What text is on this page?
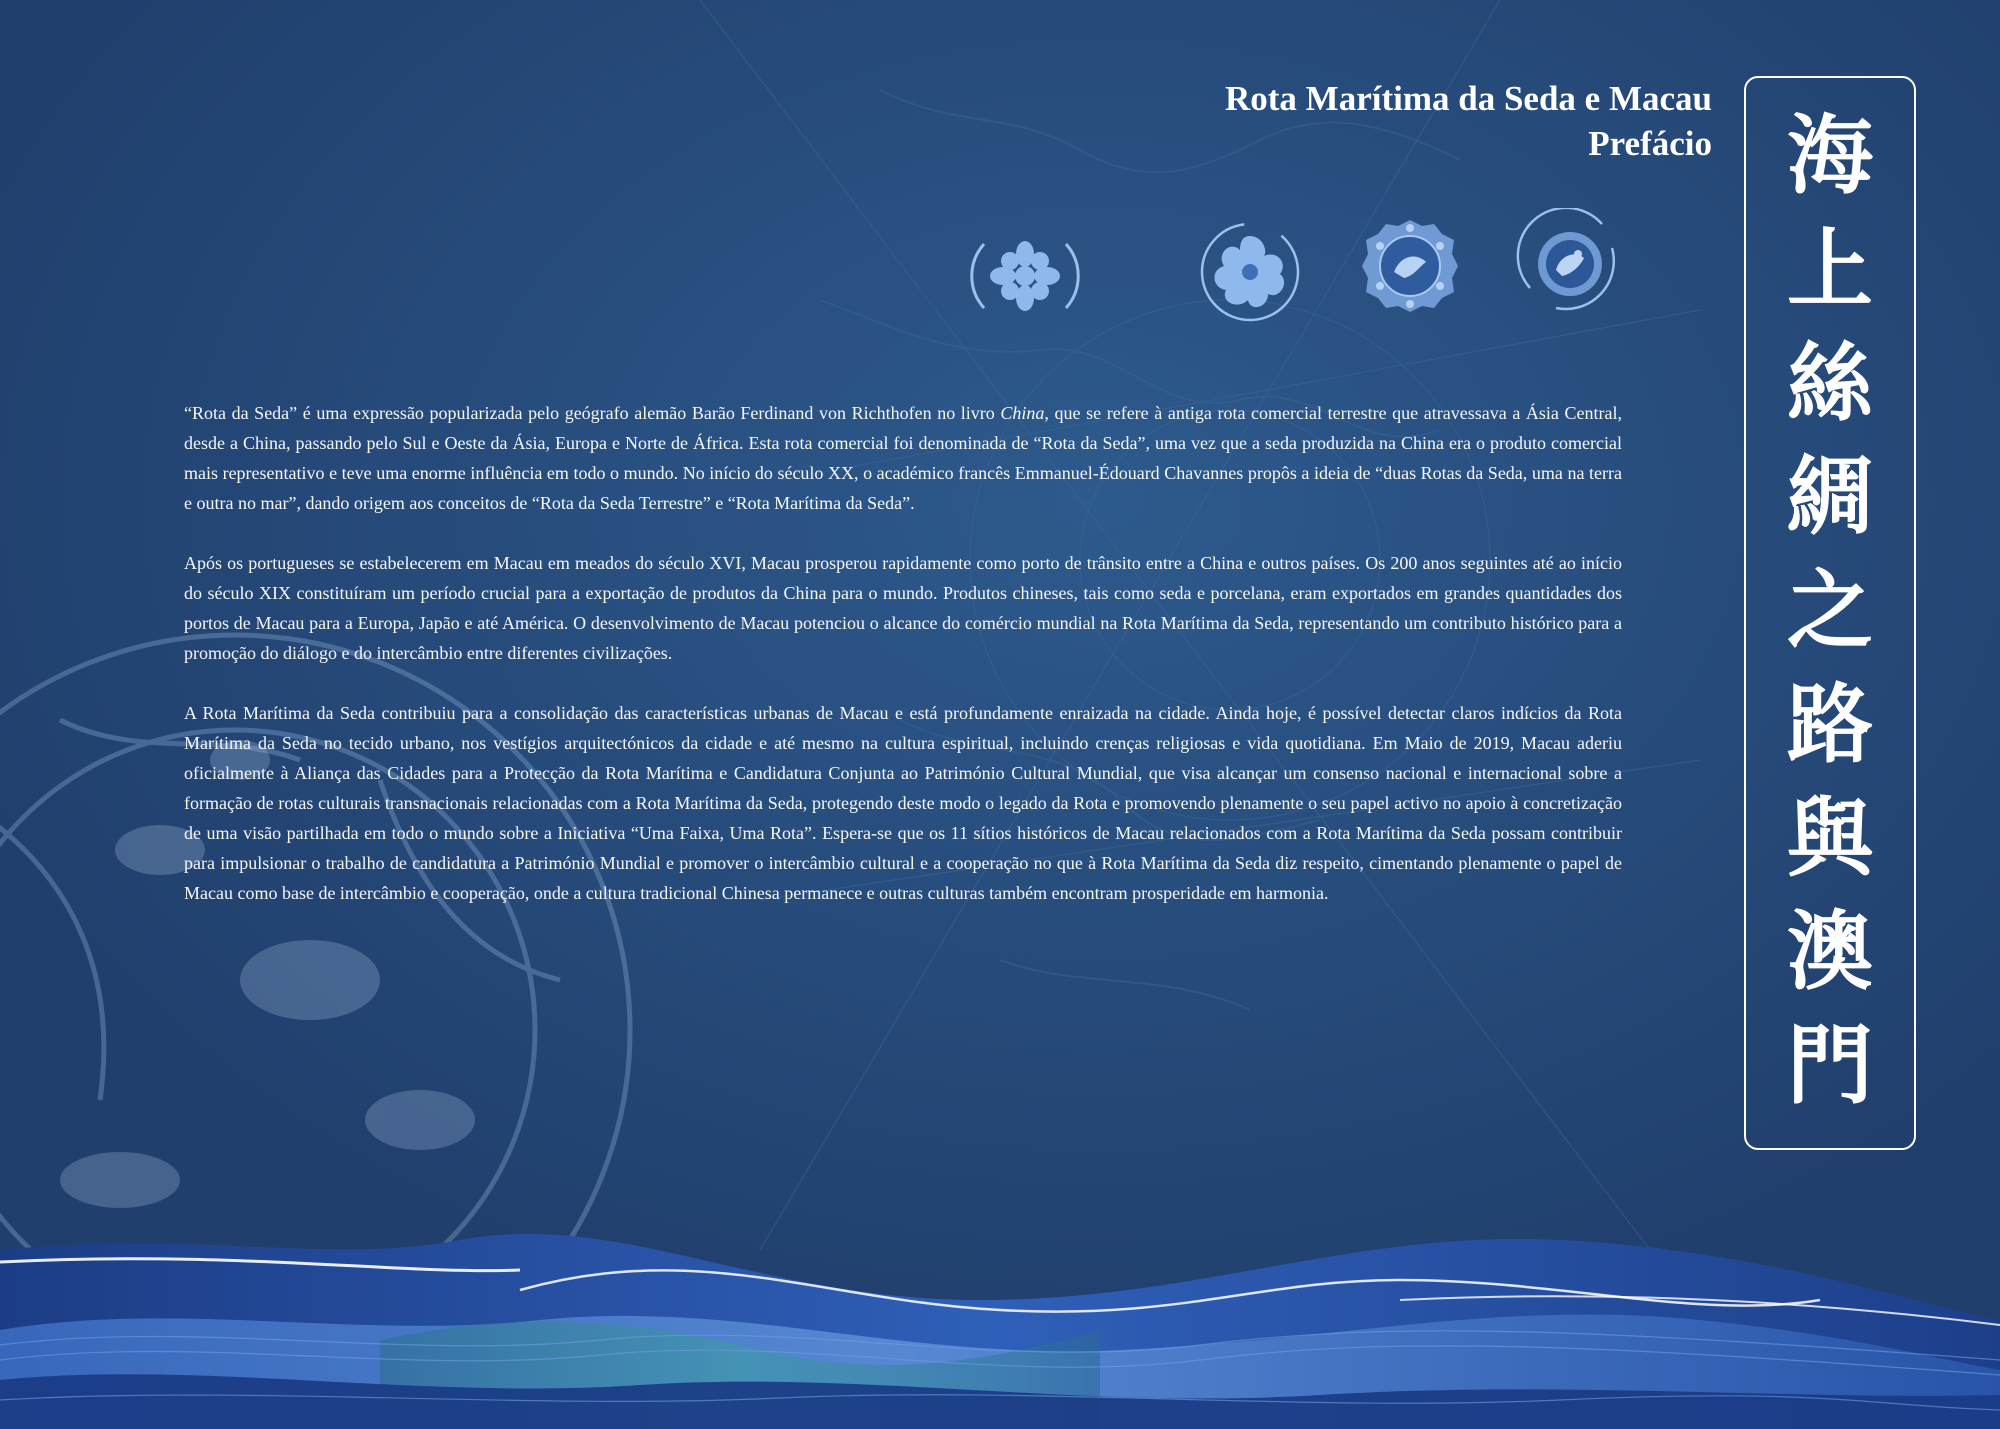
Rota Marítima da Seda e Macau
Prefácio

“Rota da Seda” é uma expressão popularizada pelo geógrafo alemão Barão Ferdinand von Richthofen no livro China, que se refere à antiga rota comercial terrestre que atravessava a Ásia Central, desde a China, passando pelo Sul e Oeste da Ásia, Europa e Norte de África. Esta rota comercial foi denominada de “Rota da Seda”, uma vez que a seda produzida na China era o produto comercial mais representativo e teve uma enorme influência em todo o mundo. No início do século XX, o académico francês Emmanuel-Édouard Chavannes propôs a ideia de “duas Rotas da Seda, uma na terra e outra no mar”, dando origem aos conceitos de “Rota da Seda Terrestre” e “Rota Marítima da Seda”.

Após os portugueses se estabelecerem em Macau em meados do século XVI, Macau prosperou rapidamente como porto de trânsito entre a China e outros países. Os 200 anos seguintes até ao início do século XIX constituíram um período crucial para a exportação de produtos da China para o mundo. Produtos chineses, tais como seda e porcelana, eram exportados em grandes quantidades dos portos de Macau para a Europa, Japão e até América. O desenvolvimento de Macau potenciou o alcance do comércio mundial na Rota Marítima da Seda, representando um contributo histórico para a promoção do diálogo e do intercâmbio entre diferentes civilizações.

A Rota Marítima da Seda contribuiu para a consolidação das características urbanas de Macau e está profundamente enraizada na cidade. Ainda hoje, é possível detectar claros indícios da Rota Marítima da Seda no tecido urbano, nos vestígios arquitectónicos da cidade e até mesmo na cultura espiritual, incluindo crenças religiosas e vida quotidiana. Em Maio de 2019, Macau aderiu oficialmente à Aliança das Cidades para a Protecção da Rota Marítima e Candidatura Conjunta ao Património Cultural Mundial, que visa alcançar um consenso nacional e internacional sobre a formação de rotas culturais transnacionais relacionadas com a Rota Marítima da Seda, protegendo deste modo o legado da Rota e promovendo plenamente o seu papel activo no apoio à concretização de uma visão partilhada em todo o mundo sobre a Iniciativa “Uma Faixa, Uma Rota”. Espera-se que os 11 sítios históricos de Macau relacionados com a Rota Marítima da Seda possam contribuir para impulsionar o trabalho de candidatura a Património Mundial e promover o intercâmbio cultural e a cooperação no que à Rota Marítima da Seda diz respeito, cimentando plenamente o papel de Macau como base de intercâmbio e cooperação, onde a cultura tradicional Chinesa permanece e outras culturas também encontram prosperidade em harmonia.

海
上
絲
綢
之
路
與
澳
門
